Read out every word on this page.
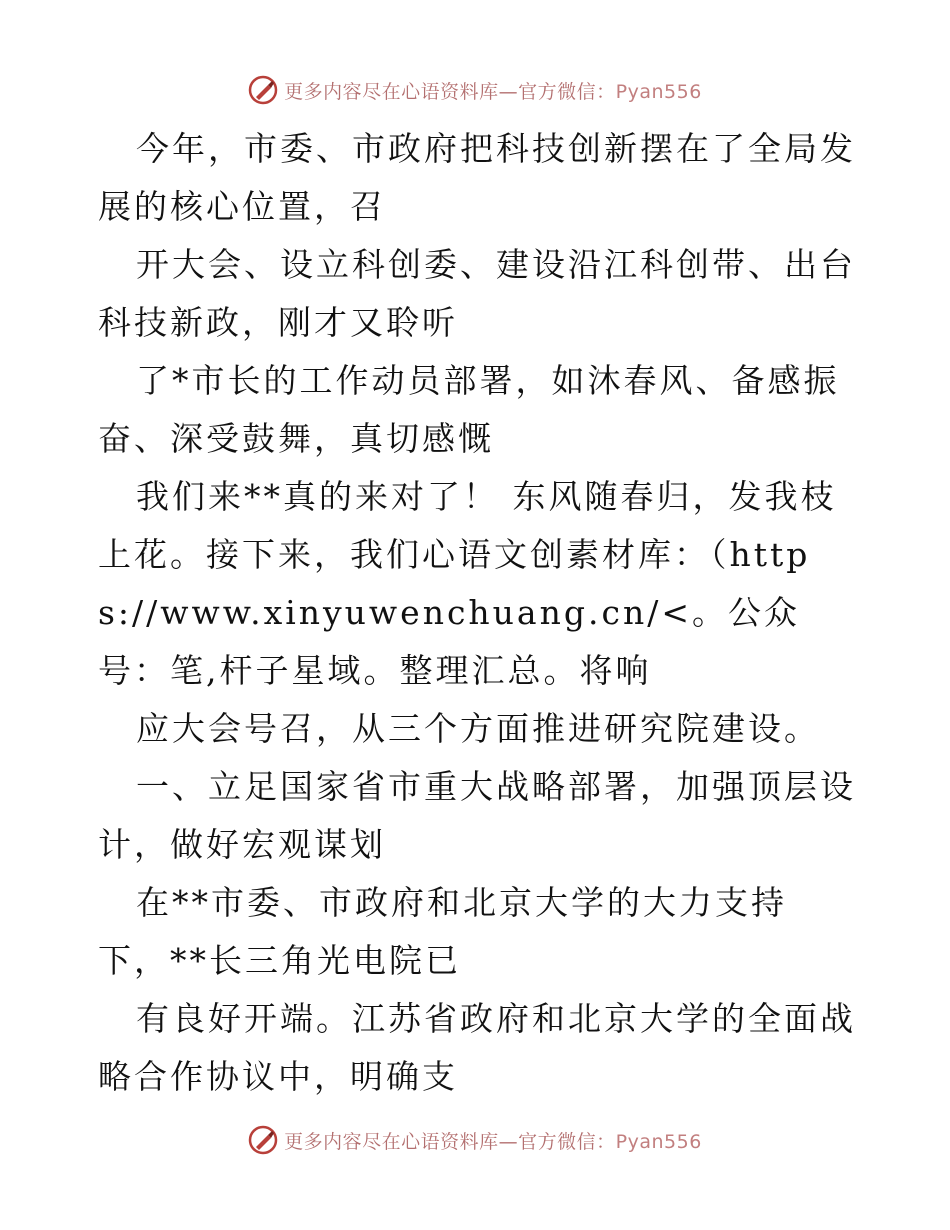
更多内容尽在心语资料库—官方微信：Pyan556

今年，市委、市政府把科技创新摆在了全局发展的核心位置，召

开大会、设立科创委、建设沿江科创带、出台科技新政，刚才又聆听

了*市长的工作动员部署，如沐春风、备感振奋、深受鼓舞，真切感慨

我们来**真的来对了！ 东风随春归，发我枝上花。接下来，我们心语文创素材库：（https://www.xinyuwenchuang.cn/<。公众号：笔,杆子星域。整理汇总。将响

应大会号召，从三个方面推进研究院建设。

一、立足国家省市重大战略部署，加强顶层设计，做好宏观谋划

在**市委、市政府和北京大学的大力支持下，**长三角光电院已

有良好开端。江苏省政府和北京大学的全面战略合作协议中，明确支

更多内容尽在心语资料库—官方微信：Pyan556
